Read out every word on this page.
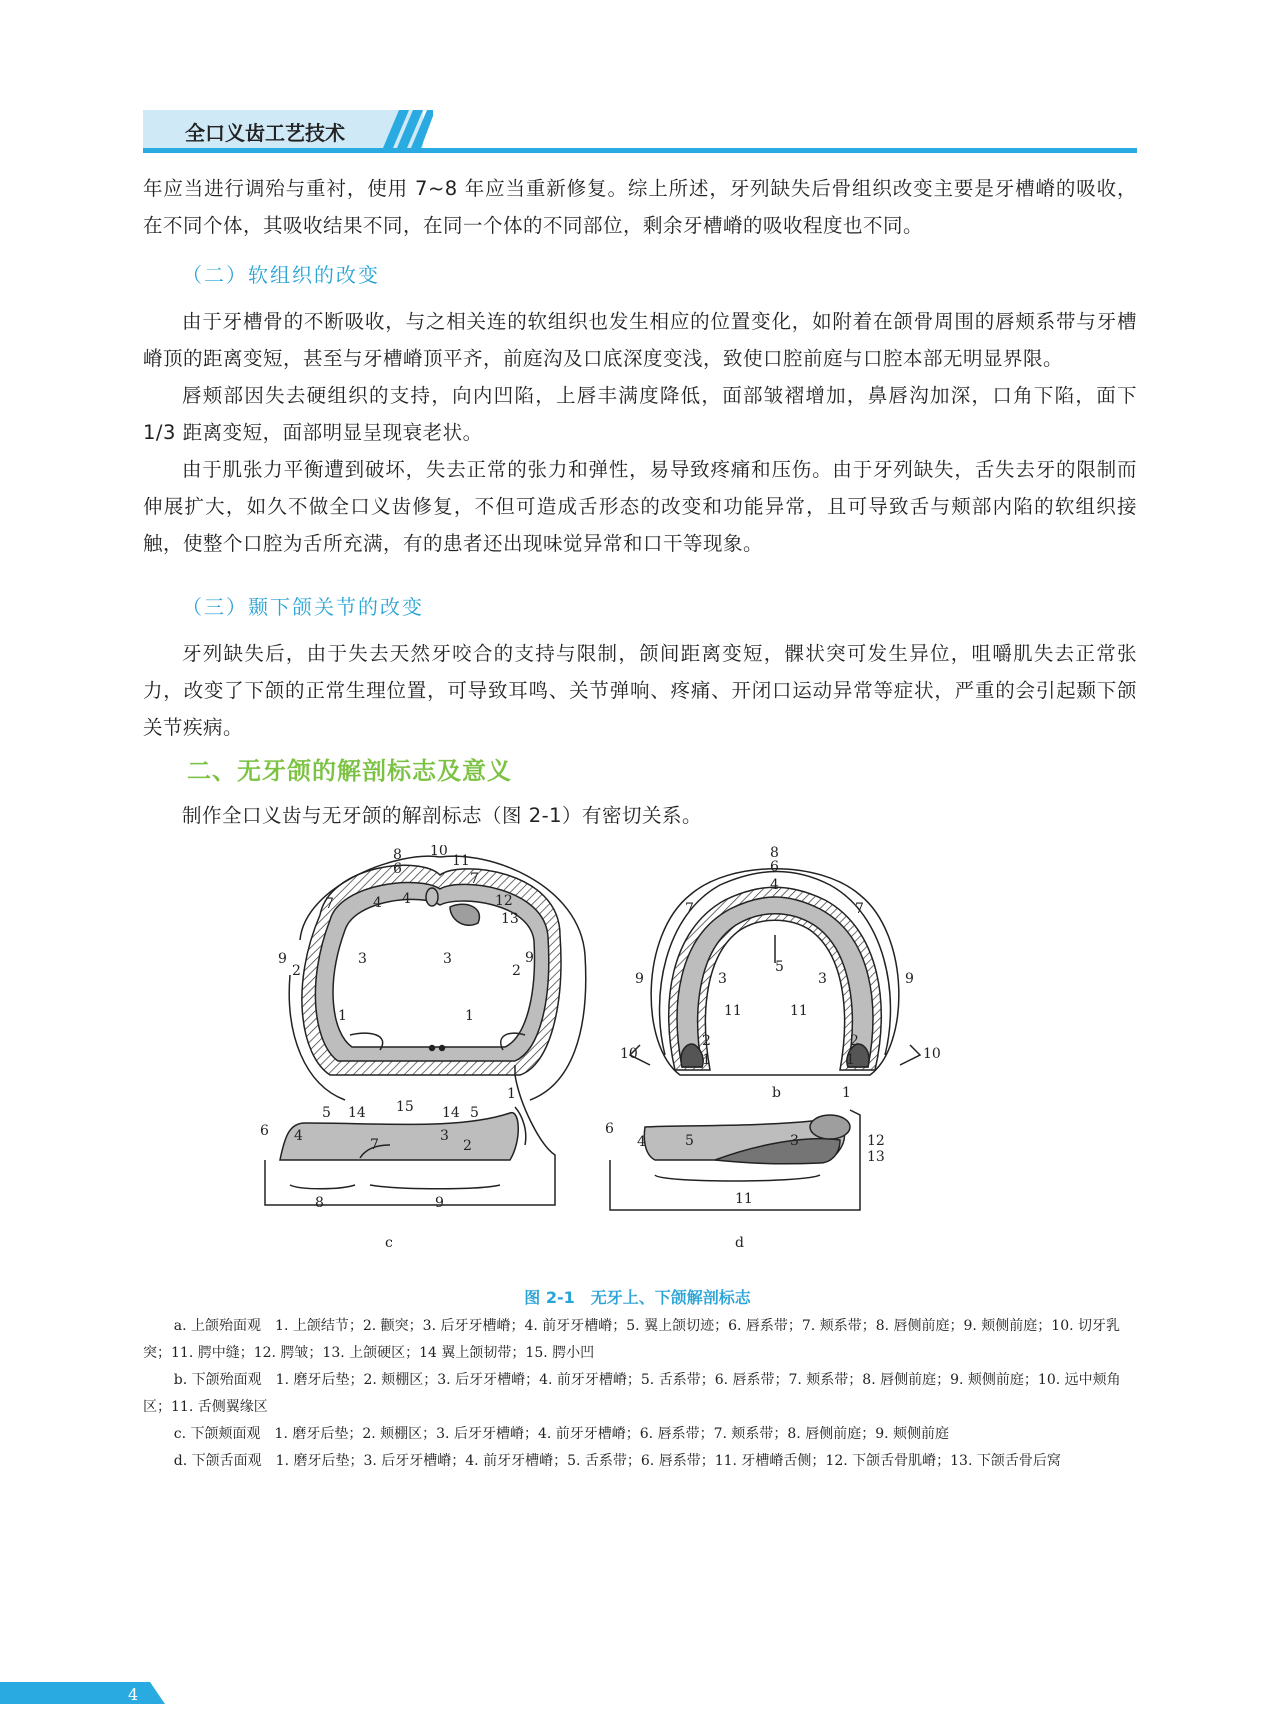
全口义齿工艺技术

年应当进行调殆与重衬，使用 7~8 年应当重新修复。综上所述，牙列缺失后骨组织改变主要是牙槽嵴的吸收，在不同个体，其吸收结果不同，在同一个体的不同部位，剩余牙槽嵴的吸收程度也不同。

（二）软组织的改变

由于牙槽骨的不断吸收，与之相关连的软组织也发生相应的位置变化，如附着在颌骨周围的唇颊系带与牙槽嵴顶的距离变短，甚至与牙槽嵴顶平齐，前庭沟及口底深度变浅，致使口腔前庭与口腔本部无明显界限。

唇颊部因失去硬组织的支持，向内凹陷，上唇丰满度降低，面部皱褶增加，鼻唇沟加深，口角下陷，面下 1/3 距离变短，面部明显呈现衰老状。

由于肌张力平衡遭到破坏，失去正常的张力和弹性，易导致疼痛和压伤。由于牙列缺失，舌失去牙的限制而伸展扩大，如久不做全口义齿修复，不但可造成舌形态的改变和功能异常，且可导致舌与颊部内陷的软组织接触，使整个口腔为舌所充满，有的患者还出现味觉异常和口干等现象。

（三）颞下颌关节的改变

牙列缺失后，由于失去天然牙咬合的支持与限制，颌间距离变短，髁状突可发生异位，咀嚼肌失去正常张力，改变了下颌的正常生理位置，可导致耳鸣、关节弹响、疼痛、开闭口运动异常等症状，严重的会引起颞下颌关节疾病。

二、无牙颌的解剖标志及意义

制作全口义齿与无牙颌的解剖标志（图 2-1）有密切关系。

8
6
10
11
7
12
13
7	4 4
3	3
9
2	2
9
1	1
5 14 15 14 5
8
6
4
5
7	7
3	3
9	9
11	11
2	2
1	1
10	10
b
6 4	3
2
7
1
8	9
c
6
4	5	3
1
12
13
11
d
图 2-1　无牙上、下颌解剖标志

a. 上颌殆面观　1. 上颌结节；2. 颧突；3. 后牙牙槽嵴；4. 前牙牙槽嵴；5. 翼上颌切迹；6. 唇系带；7. 颊系带；8. 唇侧前庭；9. 颊侧前庭；10. 切牙乳突；11. 腭中缝；12. 腭皱；13. 上颌硬区；14 翼上颌韧带；15. 腭小凹

b. 下颌殆面观　1. 磨牙后垫；2. 颊棚区；3. 后牙牙槽嵴；4. 前牙牙槽嵴；5. 舌系带；6. 唇系带；7. 颊系带；8. 唇侧前庭；9. 颊侧前庭；10. 远中颊角区；11. 舌侧翼缘区

c. 下颌颊面观　1. 磨牙后垫；2. 颊棚区；3. 后牙牙槽嵴；4. 前牙牙槽嵴；6. 唇系带；7. 颊系带；8. 唇侧前庭；9. 颊侧前庭

d. 下颌舌面观　1. 磨牙后垫；3. 后牙牙槽嵴；4. 前牙牙槽嵴；5. 舌系带；6. 唇系带；11. 牙槽嵴舌侧；12. 下颌舌骨肌嵴；13. 下颌舌骨后窝

4
